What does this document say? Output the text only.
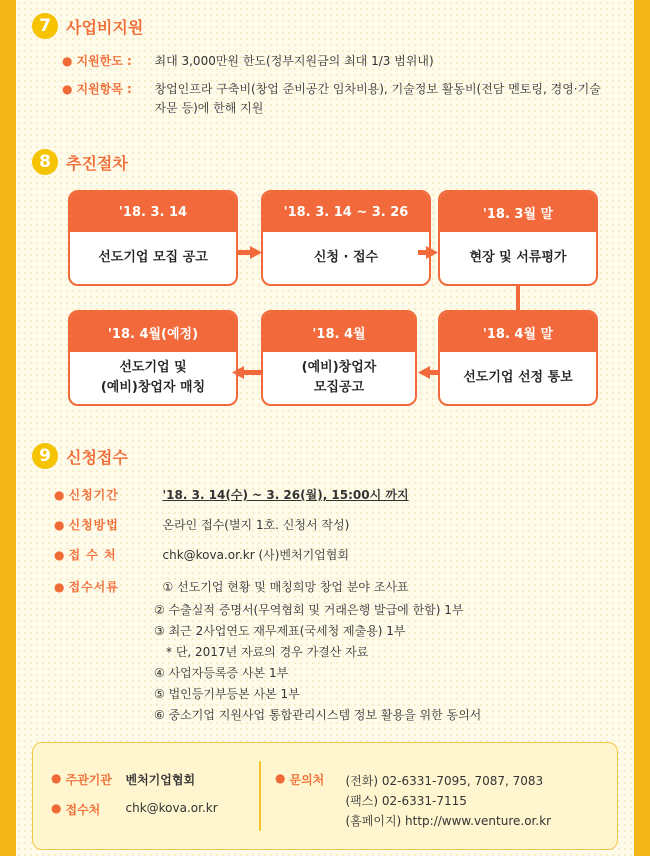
7 사업비지원
● 지원한도 :	최대 3,000만원 한도(정부지원금의 최대 1/3 범위내)
● 지원항목 :	창업인프라 구축비(창업 준비공간 임차비용), 기술정보 활동비(전담 멘토링, 경영·기술
자문 등)에 한해 지원
8 추진절차
'18. 3. 14
선도기업 모집 공고
'18. 3. 14 ~ 3. 26
신청 · 접수
'18. 3월 말
현장 및 서류평가
'18. 4월 말
선도기업 선정 통보
'18. 4월
(예비)창업자
모집공고
'18. 4월(예정)
선도기업 및
(예비)창업자 매칭
9 신청접수
● 신청기간	'18. 3. 14(수) ~ 3. 26(월), 15:00시 까지
● 신청방법	온라인 접수(별지 1호. 신청서 작성)
● 접 수 처	chk@kova.or.kr (사)벤처기업협회
● 접수서류	① 선도기업 현황 및 매칭희망 창업 분야 조사표
② 수출실적 증명서(무역협회 및 거래은행 발급에 한함) 1부
③ 최근 2사업연도 재무제표(국세청 제출용) 1부
* 단, 2017년 자료의 경우 가결산 자료
④ 사업자등록증 사본 1부
⑤ 법인등기부등본 사본 1부
⑥ 중소기업 지원사업 통합관리시스템 정보 활용을 위한 동의서
● 주관기관	벤처기업협회
● 접수처	chk@kova.or.kr
● 문의처	(전화) 02-6331-7095, 7087, 7083
(팩스) 02-6331-7115
(홈페이지) http://www.venture.or.kr
